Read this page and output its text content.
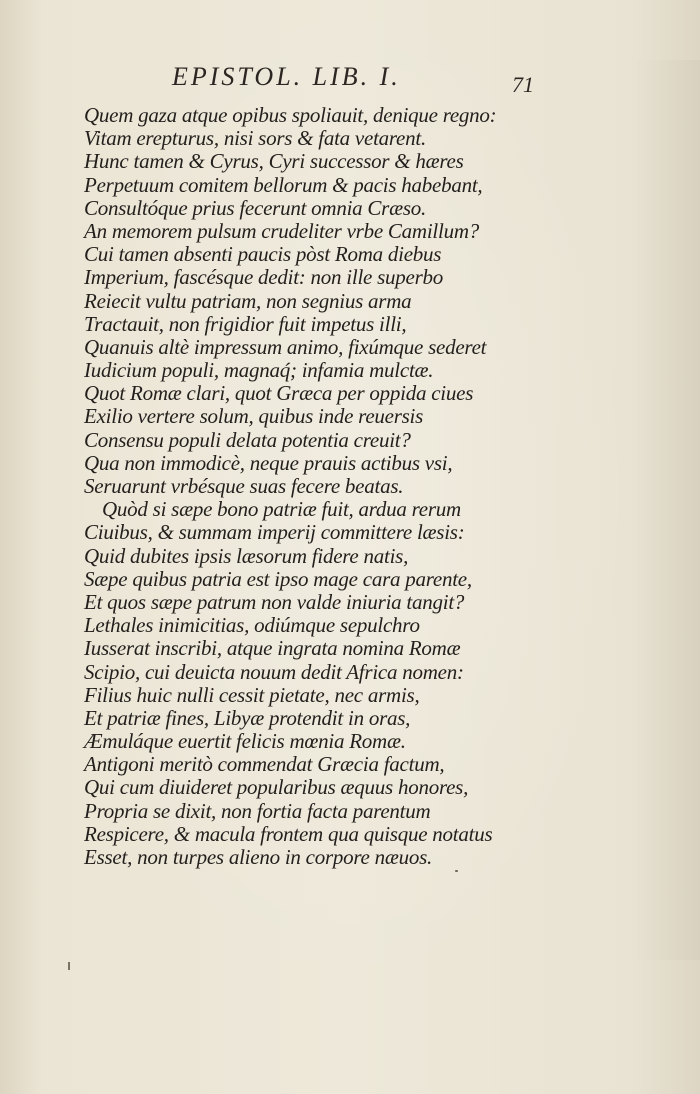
EPISTOL. LIB. I.	71
Quem gaza atque opibus spoliauit, denique regno:
Vitam erepturus, nisi sors & fata vetarent.
Hunc tamen & Cyrus, Cyri successor & hæres
Perpetuum comitem bellorum & pacis habebant,
Consultóque prius fecerunt omnia Cræso.
An memorem pulsum crudeliter vrbe Camillum?
Cui tamen absenti paucis pòst Roma diebus
Imperium, fascésque dedit: non ille superbo
Reiecit vultu patriam, non segnius arma
Tractauit, non frigidior fuit impetus illi,
Quanuis altè impressum animo, fixúmque sederet
Iudicium populi, magnaq́; infamia mulctæ.
Quot Romæ clari, quot Græca per oppida ciues
Exilio vertere solum, quibus inde reuersis
Consensu populi delata potentia creuit?
Qua non immodicè, neque prauis actibus vsi,
Seruarunt vrbésque suas fecere beatas.
Quòd si sæpe bono patriæ fuit, ardua rerum
Ciuibus, & summam imperij committere læsis:
Quid dubites ipsis læsorum fidere natis,
Sæpe quibus patria est ipso mage cara parente,
Et quos sæpe patrum non valde iniuria tangit?
Lethales inimicitias, odiúmque sepulchro
Iusserat inscribi, atque ingrata nomina Romæ
Scipio, cui deuicta nouum dedit Africa nomen:
Filius huic nulli cessit pietate, nec armis,
Et patriæ fines, Libyæ protendit in oras,
Æmuláque euertit felicis mœnia Romæ.
Antigoni meritò commendat Græcia factum,
Qui cum diuideret popularibus æquus honores,
Propria se dixit, non fortia facta parentum
Respicere, & macula frontem qua quisque notatus
Esset, non turpes alieno in corpore næuos.
